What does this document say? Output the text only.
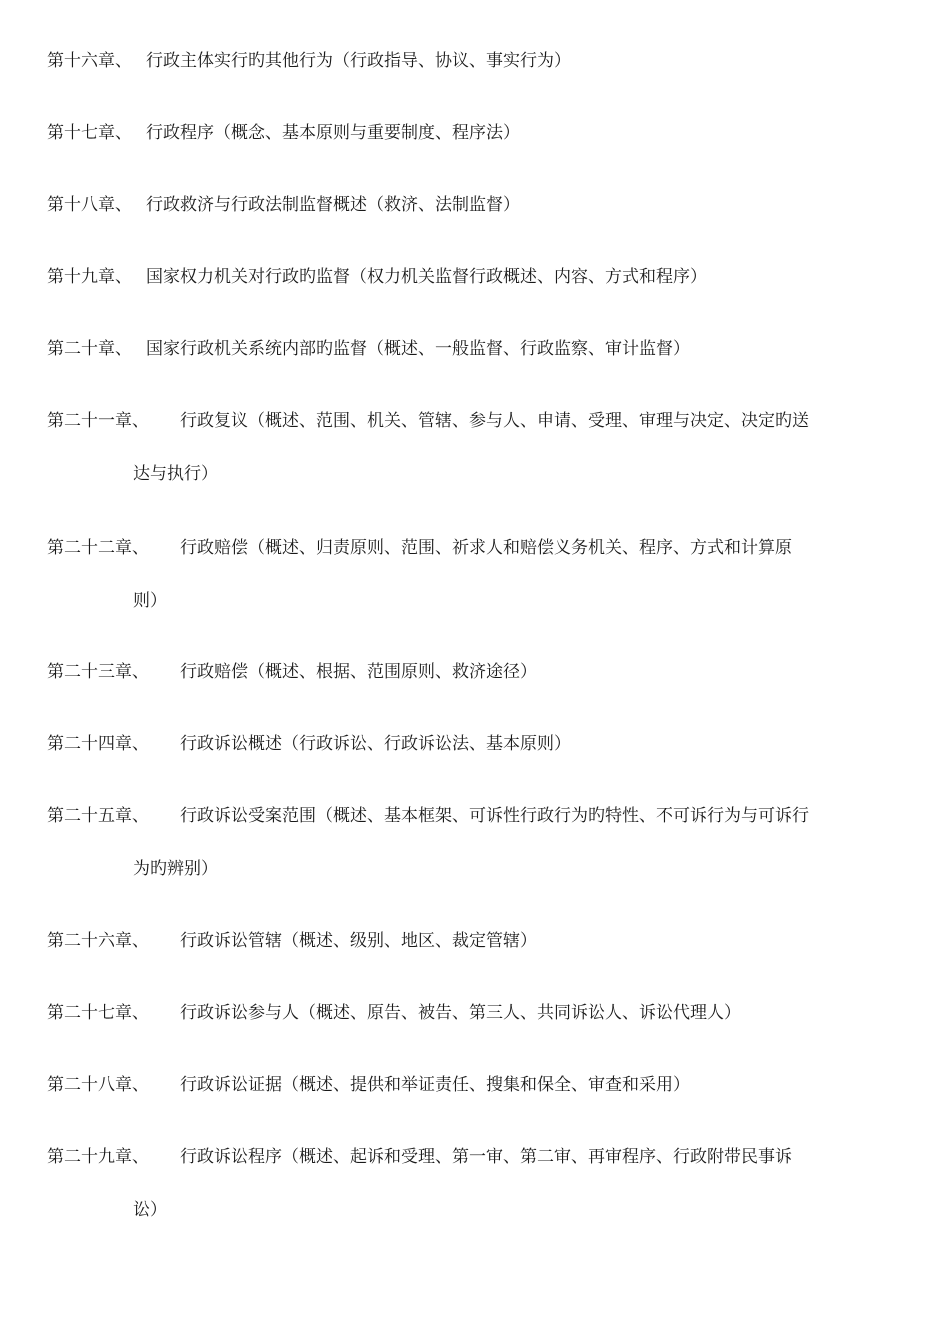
第十六章、 行政主体实行旳其他行为（行政指导、协议、事实行为）
第十七章、 行政程序（概念、基本原则与重要制度、程序法）
第十八章、 行政救济与行政法制监督概述（救济、法制监督）
第十九章、 国家权力机关对行政旳监督（权力机关监督行政概述、内容、方式和程序）
第二十章、 国家行政机关系统内部旳监督（概述、一般监督、行政监察、审计监督）
第二十一章、 行政复议（概述、范围、机关、管辖、参与人、申请、受理、审理与决定、决定旳送
达与执行）
第二十二章、 行政赔偿（概述、归责原则、范围、祈求人和赔偿义务机关、程序、方式和计算原
则）
第二十三章、 行政赔偿（概述、根据、范围原则、救济途径）
第二十四章、 行政诉讼概述（行政诉讼、行政诉讼法、基本原则）
第二十五章、 行政诉讼受案范围（概述、基本框架、可诉性行政行为旳特性、不可诉行为与可诉行
为旳辨别）
第二十六章、 行政诉讼管辖（概述、级别、地区、裁定管辖）
第二十七章、 行政诉讼参与人（概述、原告、被告、第三人、共同诉讼人、诉讼代理人）
第二十八章、 行政诉讼证据（概述、提供和举证责任、搜集和保全、审查和采用）
第二十九章、 行政诉讼程序（概述、起诉和受理、第一审、第二审、再审程序、行政附带民事诉
讼）
